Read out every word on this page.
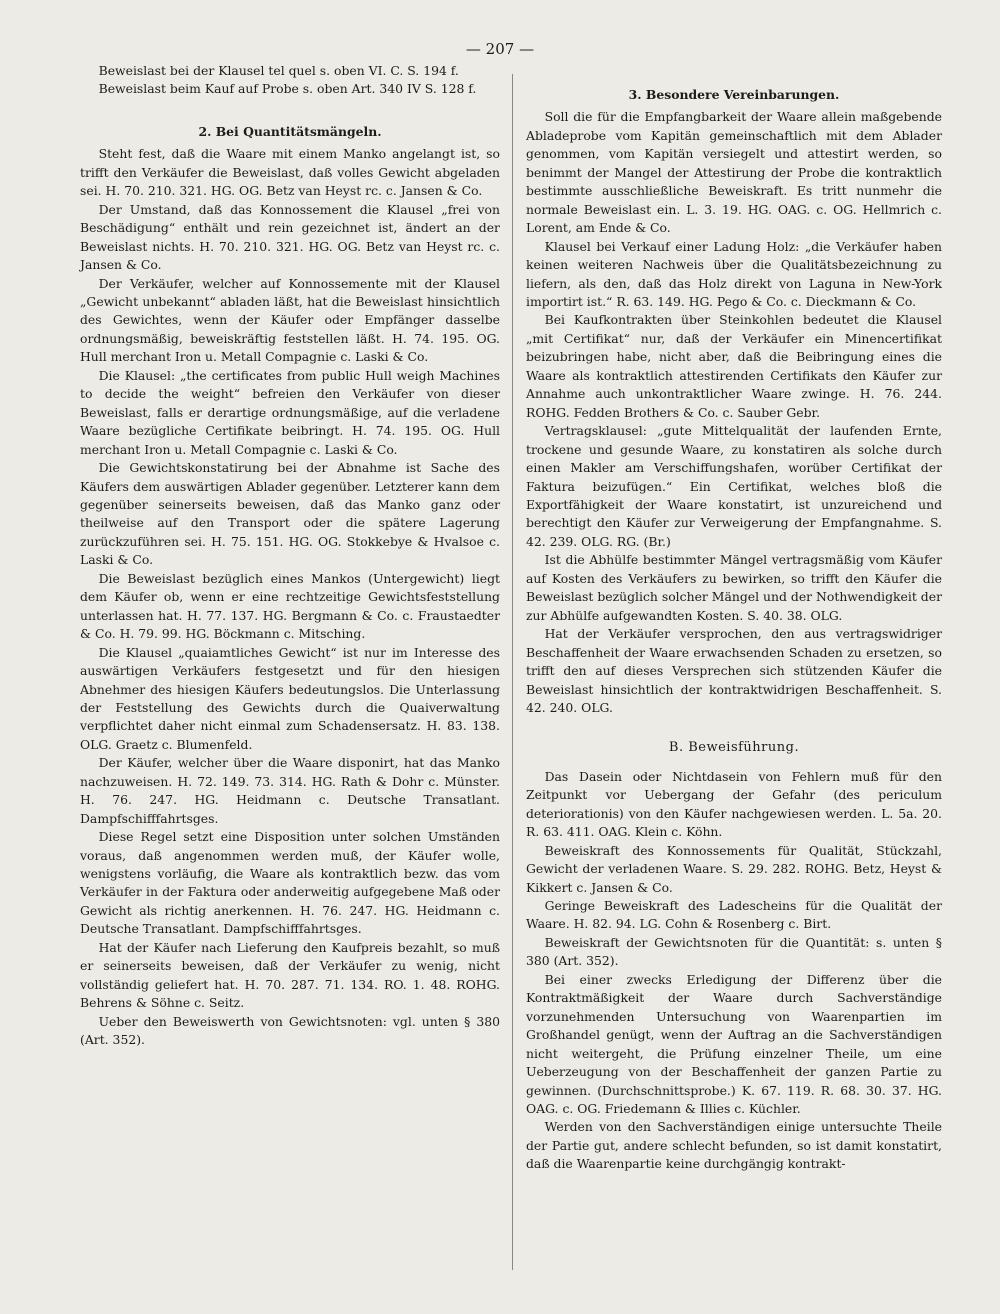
— 207 —

Beweislast bei der Klausel tel quel s. oben VI. C. S. 194 f.

Beweislast beim Kauf auf Probe s. oben Art. 340 IV S. 128 f.

2. Bei Quantitätsmängeln.

Steht fest, daß die Waare mit einem Manko angelangt ist, so trifft den Verkäufer die Beweislast, daß volles Gewicht abgeladen sei. H. 70. 210. 321. HG. OG. Betz van Heyst rc. c. Jansen & Co.

Der Umstand, daß das Konnossement die Klausel „frei von Beschädigung“ enthält und rein gezeichnet ist, ändert an der Beweislast nichts. H. 70. 210. 321. HG. OG. Betz van Heyst rc. c. Jansen & Co.

Der Verkäufer, welcher auf Konnossemente mit der Klausel „Gewicht unbekannt“ abladen läßt, hat die Beweislast hinsichtlich des Gewichtes, wenn der Käufer oder Empfänger dasselbe ordnungsmäßig, beweiskräftig feststellen läßt. H. 74. 195. OG. Hull merchant Iron u. Metall Compagnie c. Laski & Co.

Die Klausel: „the certificates from public Hull weigh Machines to decide the weight“ befreien den Verkäufer von dieser Beweislast, falls er derartige ordnungsmäßige, auf die verladene Waare bezügliche Certifikate beibringt. H. 74. 195. OG. Hull merchant Iron u. Metall Compagnie c. Laski & Co.

Die Gewichtskonstatirung bei der Abnahme ist Sache des Käufers dem auswärtigen Ablader gegenüber. Letzterer kann dem gegenüber seinerseits beweisen, daß das Manko ganz oder theilweise auf den Transport oder die spätere Lagerung zurückzuführen sei. H. 75. 151. HG. OG. Stokkebye & Hvalsoe c. Laski & Co.

Die Beweislast bezüglich eines Mankos (Untergewicht) liegt dem Käufer ob, wenn er eine rechtzeitige Gewichtsfeststellung unterlassen hat. H. 77. 137. HG. Bergmann & Co. c. Fraustaedter & Co. H. 79. 99. HG. Böckmann c. Mitsching.

Die Klausel „quaiamtliches Gewicht“ ist nur im Interesse des auswärtigen Verkäufers festgesetzt und für den hiesigen Abnehmer des hiesigen Käufers bedeutungslos. Die Unterlassung der Feststellung des Gewichts durch die Quaiverwaltung verpflichtet daher nicht einmal zum Schadensersatz. H. 83. 138. OLG. Graetz c. Blumenfeld.

Der Käufer, welcher über die Waare disponirt, hat das Manko nachzuweisen. H. 72. 149. 73. 314. HG. Rath & Dohr c. Münster. H. 76. 247. HG. Heidmann c. Deutsche Transatlant. Dampfschifffahrtsges.

Diese Regel setzt eine Disposition unter solchen Umständen voraus, daß angenommen werden muß, der Käufer wolle, wenigstens vorläufig, die Waare als kontraktlich bezw. das vom Verkäufer in der Faktura oder anderweitig aufgegebene Maß oder Gewicht als richtig anerkennen. H. 76. 247. HG. Heidmann c. Deutsche Transatlant. Dampfschifffahrtsges.

Hat der Käufer nach Lieferung den Kaufpreis bezahlt, so muß er seinerseits beweisen, daß der Verkäufer zu wenig, nicht vollständig geliefert hat. H. 70. 287. 71. 134. RO. 1. 48. ROHG. Behrens & Söhne c. Seitz.

Ueber den Beweiswerth von Gewichtsnoten: vgl. unten § 380 (Art. 352).

3. Besondere Vereinbarungen.

Soll die für die Empfangbarkeit der Waare allein maßgebende Abladeprobe vom Kapitän gemeinschaftlich mit dem Ablader genommen, vom Kapitän versiegelt und attestirt werden, so benimmt der Mangel der Attestirung der Probe die kontraktlich bestimmte ausschließliche Beweiskraft. Es tritt nunmehr die normale Beweislast ein. L. 3. 19. HG. OAG. c. OG. Hellmrich c. Lorent, am Ende & Co.

Klausel bei Verkauf einer Ladung Holz: „die Verkäufer haben keinen weiteren Nachweis über die Qualitätsbezeichnung zu liefern, als den, daß das Holz direkt von Laguna in New-York importirt ist.“ R. 63. 149. HG. Pego & Co. c. Dieckmann & Co.

Bei Kaufkontrakten über Steinkohlen bedeutet die Klausel „mit Certifikat“ nur, daß der Verkäufer ein Minencertifikat beizubringen habe, nicht aber, daß die Beibringung eines die Waare als kontraktlich attestirenden Certifikats den Käufer zur Annahme auch unkontraktlicher Waare zwinge. H. 76. 244. ROHG. Fedden Brothers & Co. c. Sauber Gebr.

Vertragsklausel: „gute Mittelqualität der laufenden Ernte, trockene und gesunde Waare, zu konstatiren als solche durch einen Makler am Verschiffungshafen, worüber Certifikat der Faktura beizufügen.“ Ein Certifikat, welches bloß die Exportfähigkeit der Waare konstatirt, ist unzureichend und berechtigt den Käufer zur Verweigerung der Empfangnahme. S. 42. 239. OLG. RG. (Br.)

Ist die Abhülfe bestimmter Mängel vertragsmäßig vom Käufer auf Kosten des Verkäufers zu bewirken, so trifft den Käufer die Beweislast bezüglich solcher Mängel und der Nothwendigkeit der zur Abhülfe aufgewandten Kosten. S. 40. 38. OLG.

Hat der Verkäufer versprochen, den aus vertragswidriger Beschaffenheit der Waare erwachsenden Schaden zu ersetzen, so trifft den auf dieses Versprechen sich stützenden Käufer die Beweislast hinsichtlich der kontraktwidrigen Beschaffenheit. S. 42. 240. OLG.

B. Beweisführung.

Das Dasein oder Nichtdasein von Fehlern muß für den Zeitpunkt vor Uebergang der Gefahr (des periculum deteriorationis) von den Käufer nachgewiesen werden. L. 5a. 20. R. 63. 411. OAG. Klein c. Köhn.

Beweiskraft des Konnossements für Qualität, Stückzahl, Gewicht der verladenen Waare. S. 29. 282. ROHG. Betz, Heyst & Kikkert c. Jansen & Co.

Geringe Beweiskraft des Ladescheins für die Qualität der Waare. H. 82. 94. LG. Cohn & Rosenberg c. Birt.

Beweiskraft der Gewichtsnoten für die Quantität: s. unten § 380 (Art. 352).

Bei einer zwecks Erledigung der Differenz über die Kontraktmäßigkeit der Waare durch Sachverständige vorzunehmenden Untersuchung von Waarenpartien im Großhandel genügt, wenn der Auftrag an die Sachverständigen nicht weitergeht, die Prüfung einzelner Theile, um eine Ueberzeugung von der Beschaffenheit der ganzen Partie zu gewinnen. (Durchschnittsprobe.) K. 67. 119. R. 68. 30. 37. HG. OAG. c. OG. Friedemann & Illies c. Küchler.

Werden von den Sachverständigen einige untersuchte Theile der Partie gut, andere schlecht befunden, so ist damit konstatirt, daß die Waarenpartie keine durchgängig kontrakt-
